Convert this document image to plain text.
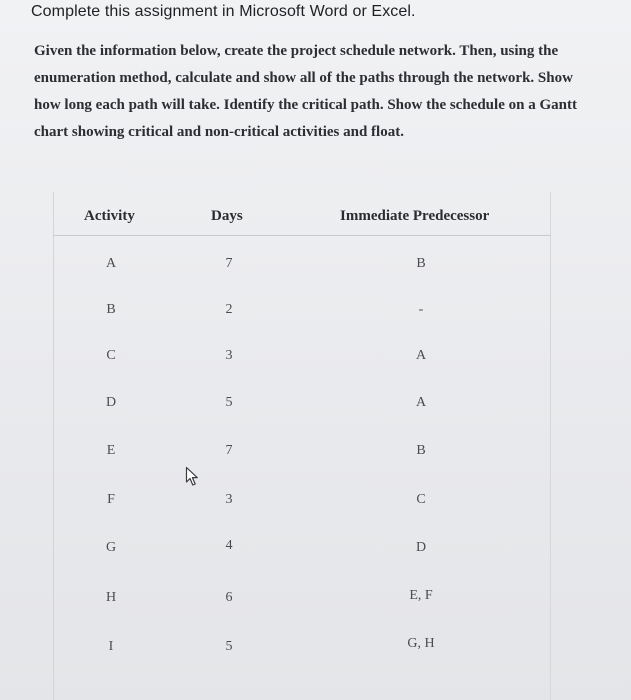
Complete this assignment in Microsoft Word or Excel.
Given the information below, create the project schedule network. Then, using the
enumeration method, calculate and show all of the paths through the network. Show
how long each path will take. Identify the critical path. Show the schedule on a Gantt
chart showing critical and non-critical activities and float.
Activity	Days	Immediate Predecessor
A	7	B
B	2	-
C	3	A
D	5	A
E	7	B
F	3	C
G	4	D
H	6	E, F
I	5	G, H
